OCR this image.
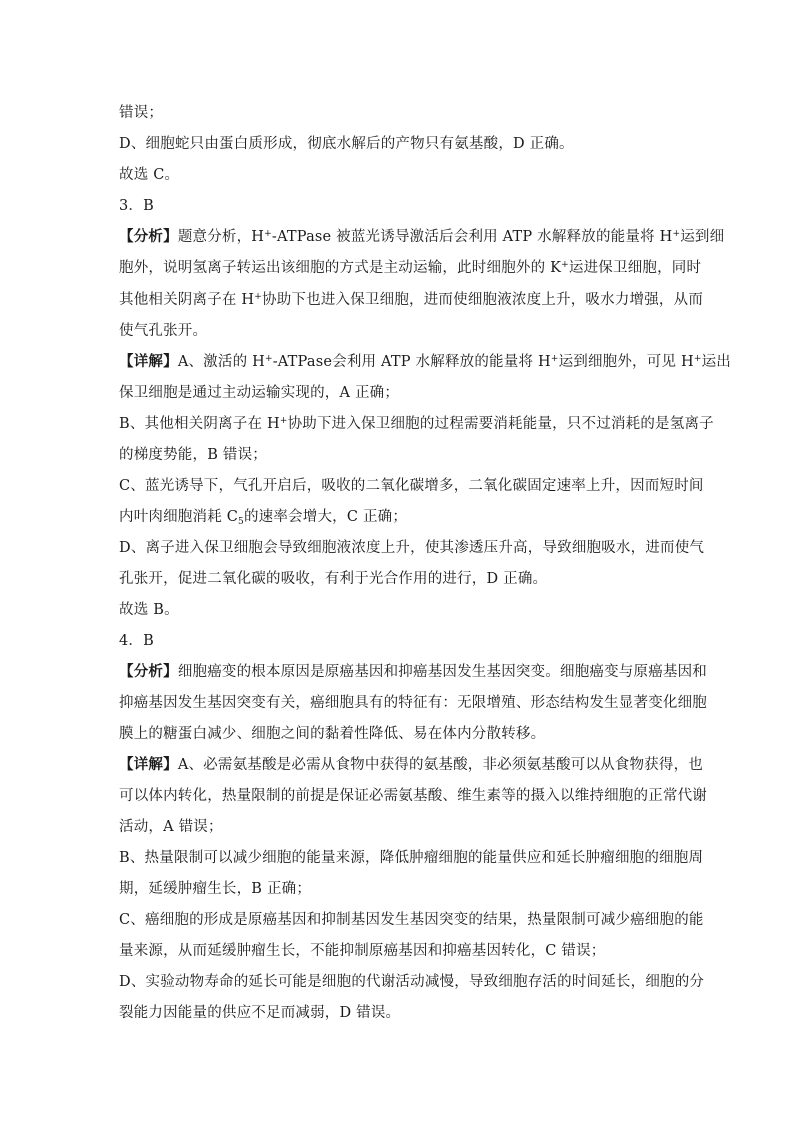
错误；
D、细胞蛇只由蛋白质形成，彻底水解后的产物只有氨基酸，D 正确。
故选 C。
3．B
【分析】题意分析，H+-ATPase 被蓝光诱导激活后会利用 ATP 水解释放的能量将 H+运到细
胞外，说明氢离子转运出该细胞的方式是主动运输，此时细胞外的 K+运进保卫细胞，同时
其他相关阴离子在 H+协助下也进入保卫细胞，进而使细胞液浓度上升，吸水力增强，从而
使气孔张开。
【详解】A、激活的 H+-ATPase会利用 ATP 水解释放的能量将 H+运到细胞外，可见 H+运出
保卫细胞是通过主动运输实现的，A 正确；
B、其他相关阴离子在 H+协助下进入保卫细胞的过程需要消耗能量，只不过消耗的是氢离子
的梯度势能，B 错误；
C、蓝光诱导下，气孔开启后，吸收的二氧化碳增多，二氧化碳固定速率上升，因而短时间
内叶肉细胞消耗 $C_5$的速率会增大，C 正确；
D、离子进入保卫细胞会导致细胞液浓度上升，使其渗透压升高，导致细胞吸水，进而使气
孔张开，促进二氧化碳的吸收，有利于光合作用的进行，D 正确。
故选 B。
4．B
【分析】细胞癌变的根本原因是原癌基因和抑癌基因发生基因突变。细胞癌变与原癌基因和
抑癌基因发生基因突变有关，癌细胞具有的特征有：无限增殖、形态结构发生显著变化细胞
膜上的糖蛋白减少、细胞之间的黏着性降低、易在体内分散转移。
【详解】A、必需氨基酸是必需从食物中获得的氨基酸，非必须氨基酸可以从食物获得，也
可以体内转化，热量限制的前提是保证必需氨基酸、维生素等的摄入以维持细胞的正常代谢
活动，A 错误；
B、热量限制可以减少细胞的能量来源，降低肿瘤细胞的能量供应和延长肿瘤细胞的细胞周
期，延缓肿瘤生长，B 正确；
C、癌细胞的形成是原癌基因和抑制基因发生基因突变的结果，热量限制可减少癌细胞的能
量来源，从而延缓肿瘤生长，不能抑制原癌基因和抑癌基因转化，C 错误；
D、实验动物寿命的延长可能是细胞的代谢活动减慢，导致细胞存活的时间延长，细胞的分
裂能力因能量的供应不足而减弱，D 错误。
